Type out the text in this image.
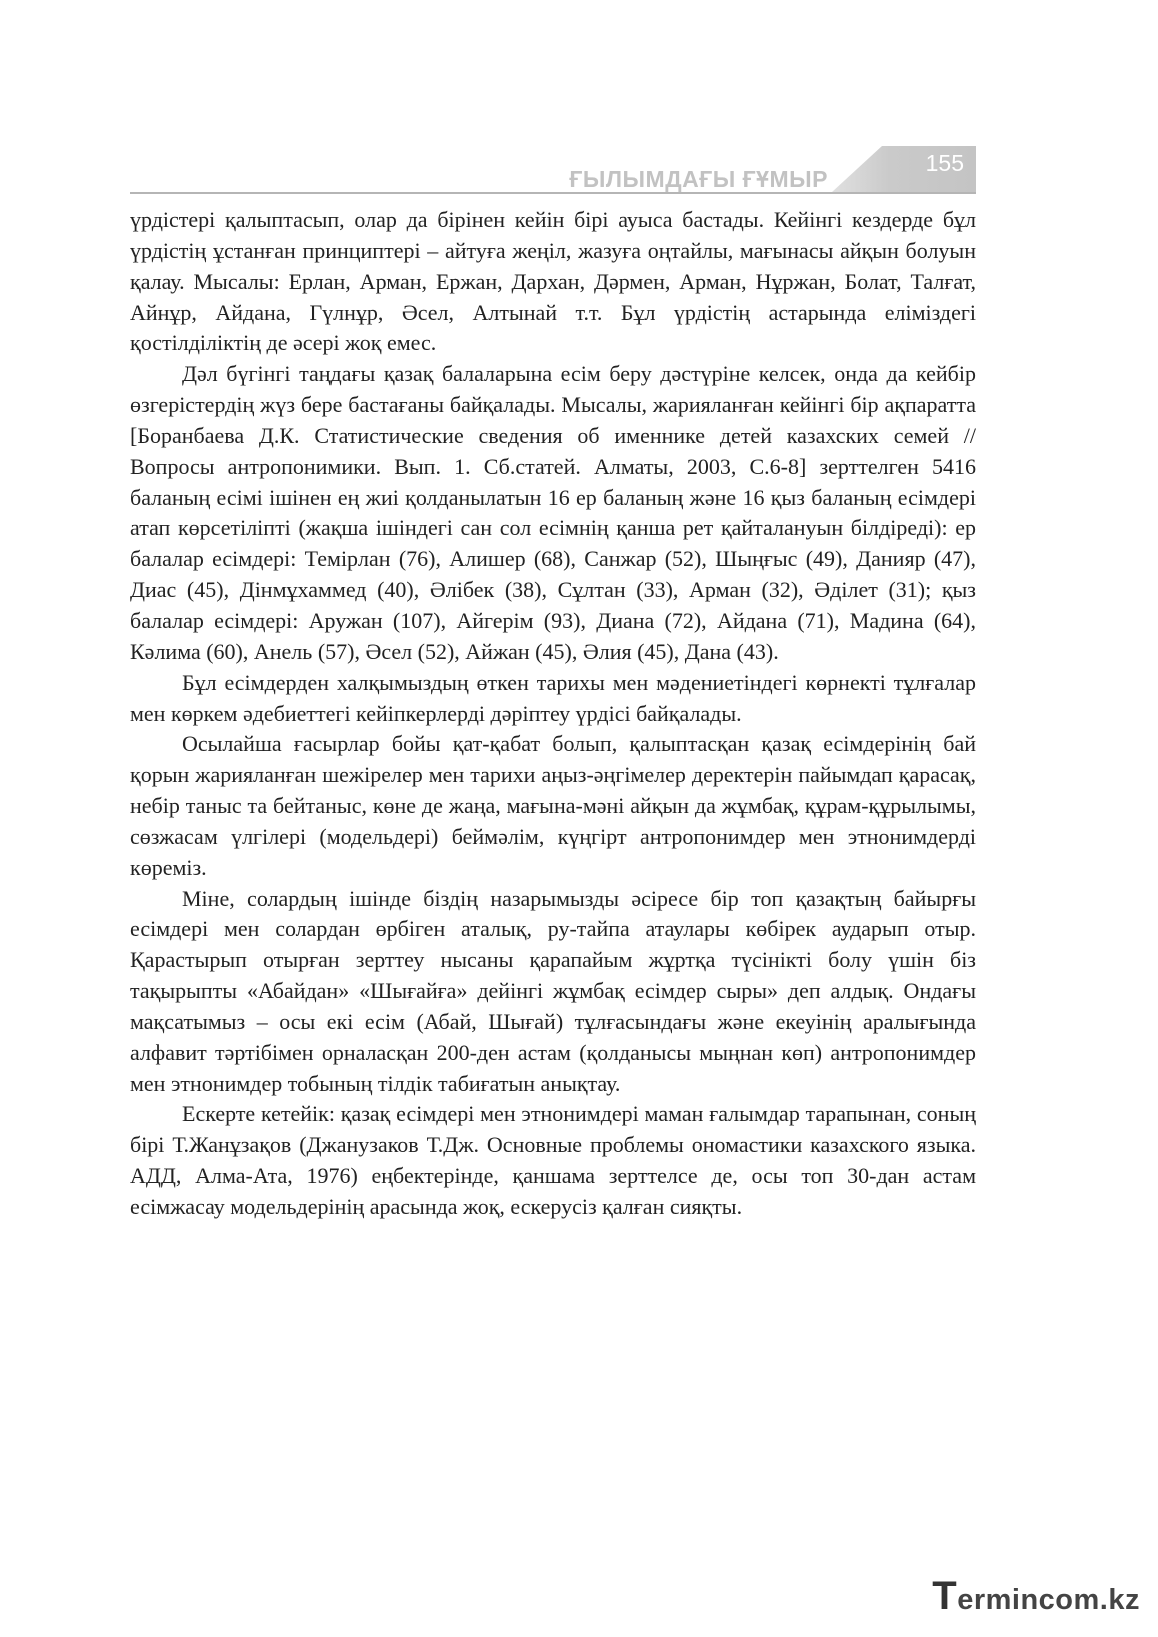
ҒЫЛЫМДАҒЫ ҒҰМЫР
155

үрдістері қалыптасып, олар да бірінен кейін бірі ауыса бастады. Кейінгі кездерде бұл үрдістің ұстанған принциптері – айтуға жеңіл, жазуға оңтайлы, мағынасы айқын болуын қалау. Мысалы: Ерлан, Арман, Ержан, Дархан, Дәрмен, Арман, Нұржан, Болат, Талғат, Айнұр, Айдана, Гүлнұр, Әсел, Алтынай т.т. Бұл үрдістің астарында еліміздегі қостілділіктің де әсері жоқ емес.

Дәл бүгінгі таңдағы қазақ балаларына есім беру дәстүріне келсек, онда да кейбір өзгерістердің жүз бере бастағаны байқалады. Мысалы, жарияланған кейінгі бір ақпаратта [Боранбаева Д.К. Статистические сведения об именнике детей казахских семей // Вопросы антропонимики. Вып. 1. Сб.статей. Алматы, 2003, С.6-8] зерттелген 5416 баланың есімі ішінен ең жиі қолданылатын 16 ер баланың және 16 қыз баланың есімдері атап көрсетіліпті (жақша ішіндегі сан сол есімнің қанша рет қайталануын білдіреді): ер балалар есімдері: Теміpлан (76), Алишер (68), Санжар (52), Шыңғыс (49), Данияр (47), Диас (45), Дінмұхаммед (40), Әлібек (38), Сұлтан (33), Арман (32), Әділет (31); қыз балалар есімдері: Аружан (107), Айгерім (93), Диана (72), Айдана (71), Мадина (64), Кәлима (60), Анель (57), Әсел (52), Айжан (45), Әлия (45), Дана (43).

Бұл есімдерден халқымыздың өткен тарихы мен мәдениетіндегі көрнекті тұлғалар мен көркем әдебиеттегі кейіпкерлерді дәріптеу үрдісі байқалады.

Осылайша ғасырлар бойы қат-қабат болып, қалыптасқан қазақ есімдерінің бай қорын жарияланған шежірелер мен тарихи аңыз-әңгімелер деректерін пайымдап қарасақ, небір таныс та бейтаныс, көне де жаңа, мағына-мәні айқын да жұмбақ, құрам-құрылымы, сөзжасам үлгілері (модельдері) беймәлім, күңгірт антропонимдер мен этнонимдерді көреміз.

Міне, солардың ішінде біздің назарымызды әсіресе бір топ қазақтың байырғы есімдері мен солардан өрбіген аталық, ру-тайпа атаулары көбірек аударып отыр. Қарастырып отырған зерттеу нысаны қарапайым жұртқа түсінікті болу үшін біз тақырыпты «Абайдан» «Шығайға» дейінгі жұмбақ есімдер сыры» деп алдық. Ондағы мақсатымыз – осы екі есім (Абай, Шығай) тұлғасындағы және екеуінің аралығында алфавит тәртібімен орналасқан 200-ден астам (қолданысы мыңнан көп) антропонимдер мен этнонимдер тобының тілдік табиғатын анықтау.

Ескерте кетейік: қазақ есімдері мен этнонимдері маман ғалымдар тарапынан, соның бірі Т.Жанұзақов (Джанузаков Т.Дж. Основные проблемы ономастики казахского языка. АДД, Алма-Ата, 1976) еңбектерінде, қаншама зерттелсе де, осы топ 30-дан астам есімжасау модельдерінің арасында жоқ, ескерусіз қалған сияқты.

Termincom.kz
